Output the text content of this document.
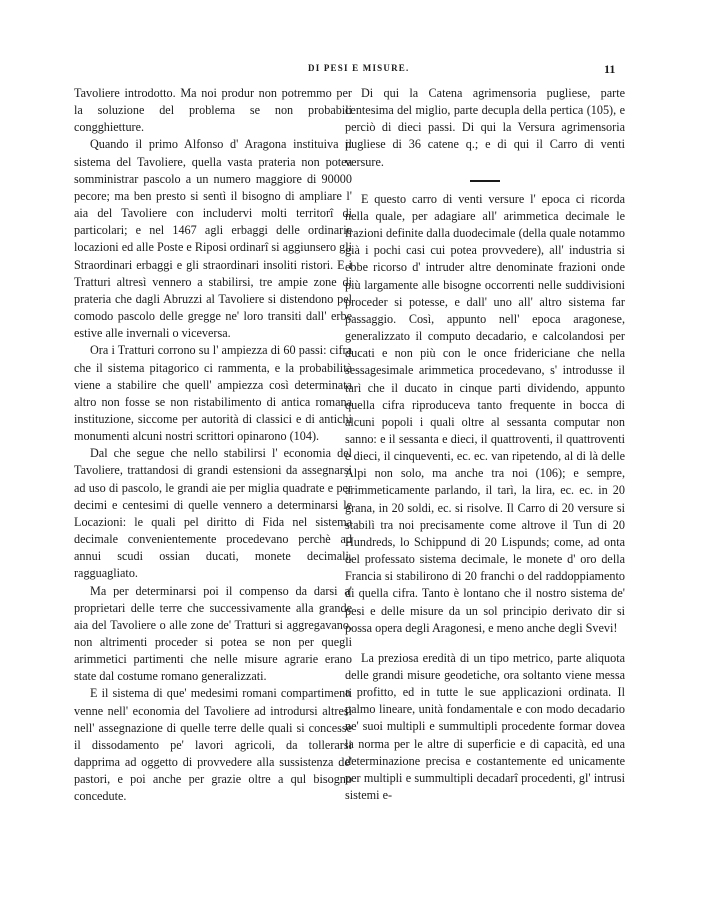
DI PESI E MISURE.	11

Tavoliere introdotto. Ma noi produr non potremmo per la soluzione del problema se non probabili congghietture.

Quando il primo Alfonso d' Aragona instituiva il sistema del Tavoliere, quella vasta prateria non potea somministrar pascolo a un numero maggiore di 90000 pecore; ma ben presto si sentì il bisogno di ampliare l' aia del Tavoliere con includervi molti territorî di particolari; e nel 1467 agli erbaggi delle ordinarie locazioni ed alle Poste e Riposi ordinarî si aggiunsero gli Straordinari erbaggi e gli straordinari insoliti ristori. E i Tratturi altresì vennero a stabilirsi, tre ampie zone di prateria che dagli Abruzzi al Tavoliere si distendono pel comodo pascolo delle gregge ne' loro transiti dall' erbe estive alle invernali o viceversa.

Ora i Tratturi corrono su l' ampiezza di 60 passi: cifra che il sistema pitagorico ci rammenta, e la probabilità viene a stabilire che quell' ampiezza così determinata altro non fosse se non ristabilimento di antica romana instituzione, siccome per autorità di classici e di antichi monumenti alcuni nostri scrittori opinarono (104).

Dal che segue che nello stabilirsi l' economia del Tavoliere, trattandosi di grandi estensioni da assegnarsi ad uso di pascolo, le grandi aie per miglia quadrate e per decimi e centesimi di quelle vennero a determinarsi le Locazioni: le quali pel diritto di Fida nel sistema decimale convenientemente procedevano perchè ad annui scudi ossian ducati, monete decimali, ragguagliato.

Ma per determinarsi poi il compenso da darsi a' proprietari delle terre che successivamente alla grande aia del Tavoliere o alle zone de' Tratturi si aggregavano, non altrimenti proceder si potea se non per quegli arimmetici partimenti che nelle misure agrarie erano state dal costume romano generalizzati.

E il sistema di que' medesimi romani compartimenti venne nell' economia del Tavoliere ad introdursi altresì nell' assegnazione di quelle terre delle quali si concesse il dissodamento pe' lavori agricoli, da tollerarsi dapprima ad oggetto di provvedere alla sussistenza de' pastori, e poi anche per grazie oltre a qul bisogno concedute.

Di qui la Catena agrimensoria pugliese, parte centesima del miglio, parte decupla della pertica (105), e perciò di dieci passi. Di qui la Versura agrimensoria pugliese di 36 catene q.; e di qui il Carro di venti versure.

E questo carro di venti versure l' epoca ci ricorda nella quale, per adagiare all' arimmetica decimale le frazioni definite dalla duodecimale (della quale notammo già i pochi casi cui potea provvedere), all' industria si ebbe ricorso d' intruder altre denominate frazioni onde più largamente alle bisogne occorrenti nelle suddivisioni proceder si potesse, e dall' uno all' altro sistema far passaggio. Così, appunto nell' epoca aragonese, generalizzato il computo decadario, e calcolandosi per ducati e non più con le once fridericiane che nella sessagesimale arimmetica procedevano, s' introdusse il tarì che il ducato in cinque parti dividendo, appunto quella cifra riproduceva tanto frequente in bocca di alcuni popoli i quali oltre al sessanta computar non sanno: e il sessanta e dieci, il quattroventi, il quattroventi e dieci, il cinqueventi, ec. ec. van ripetendo, al di là delle Alpi non solo, ma anche tra noi (106); e sempre, arimmeticamente parlando, il tarì, la lira, ec. ec. in 20 grana, in 20 soldi, ec. si risolve. Il Carro di 20 versure si stabilì tra noi precisamente come altrove il Tun di 20 Hundreds, lo Schippund di 20 Lispunds; come, ad onta del professato sistema decimale, le monete d' oro della Francia si stabilirono di 20 franchi o del raddoppiamento di quella cifra. Tanto è lontano che il nostro sistema de' pesi e delle misure da un sol principio derivato dir si possa opera degli Aragonesi, e meno anche degli Svevi!

La preziosa eredità di un tipo metrico, parte aliquota delle grandi misure geodetiche, ora soltanto viene messa a profitto, ed in tutte le sue applicazioni ordinata. Il palmo lineare, unità fondamentale e con modo decadario ne' suoi multipli e summultipli procedente formar dovea la norma per le altre di superficie e di capacità, ed una determinazione precisa e costantemente ed unicamente per multipli e summultipli decadarî procedenti, gl' intrusi sistemi e-
